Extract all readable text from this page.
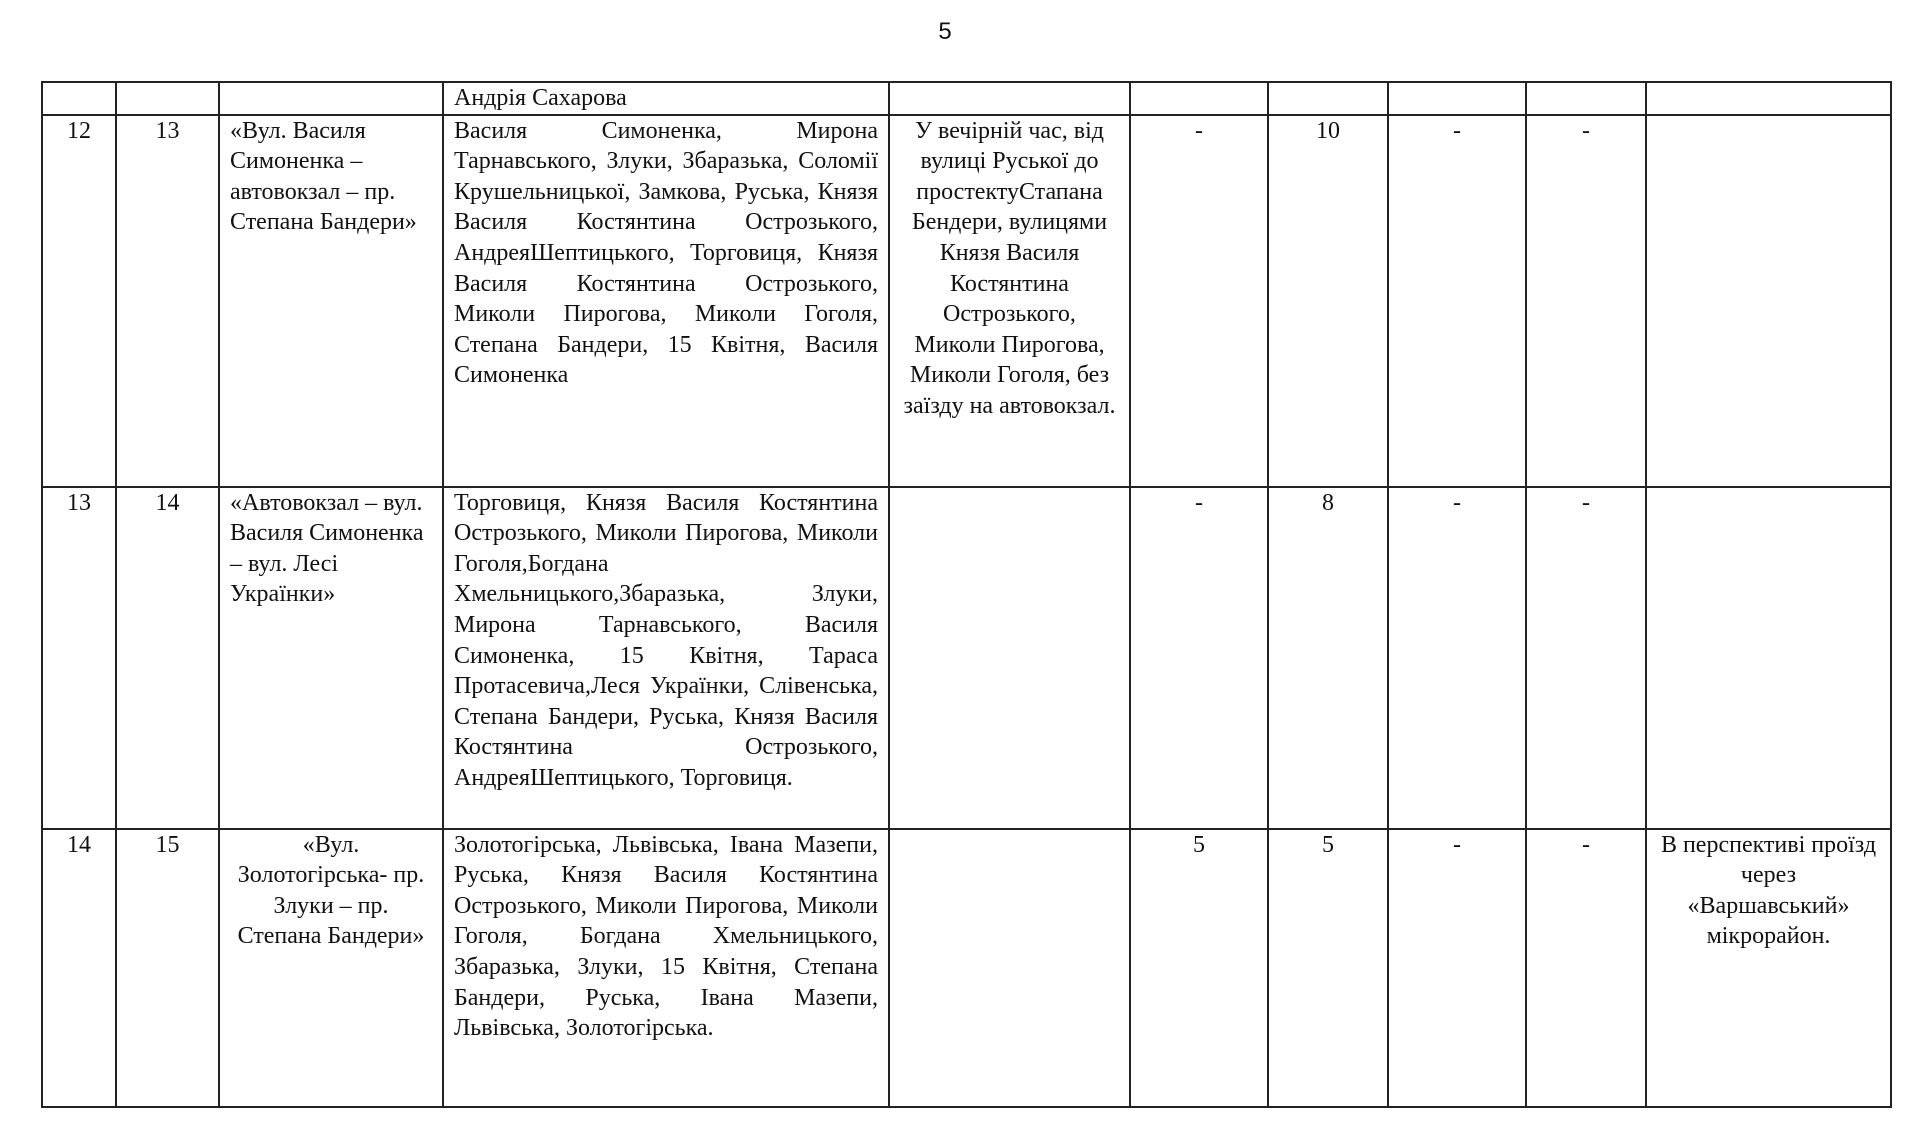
5
			Андрія Сахарова						
12	13	«Вул. Василя Симоненка – автовокзал – пр. Степана Бандери»	Василя Симоненка, Мирона Тарнавського, Злуки, Збаразька, Соломії Крушельницької, Замкова, Руська, Князя Василя Костянтина Острозького, АндреяШептицького, Торговиця, Князя Василя Костянтина Острозького, Миколи Пирогова, Миколи Гоголя, Степана Бандери, 15 Квітня, Василя Симоненка	У вечірній час, від вулиці Руської до простектуСтапана Бендери, вулицями Князя Василя Костянтина Острозького, Миколи Пирогова, Миколи Гоголя, без заїзду на автовокзал.	-	10	-	-	
13	14	«Автовокзал – вул. Василя Симоненка – вул. Лесі Українки»	Торговиця, Князя Василя Костянтина Острозького, Миколи Пирогова, Миколи Гоголя,Богдана Хмельницького,Збаразька, Злуки, Мирона Тарнавського, Василя Симоненка, 15 Квітня, Тараса Протасевича,Леся Українки, Слівенська, Степана Бандери, Руська, Князя Василя Костянтина Острозького, АндреяШептицького, Торговиця.		-	8	-	-	
14	15	«Вул. Золотогірська- пр. Злуки – пр. Степана Бандери»	Золотогірська, Львівська, Івана Мазепи, Руська, Князя Василя Костянтина Острозького, Миколи Пирогова, Миколи Гоголя, Богдана Хмельницького, Збаразька, Злуки, 15 Квітня, Степана Бандери, Руська, Івана Мазепи, Львівська, Золотогірська.		5	5	-	-	В перспективі проїзд через «Варшавський» мікрорайон.
